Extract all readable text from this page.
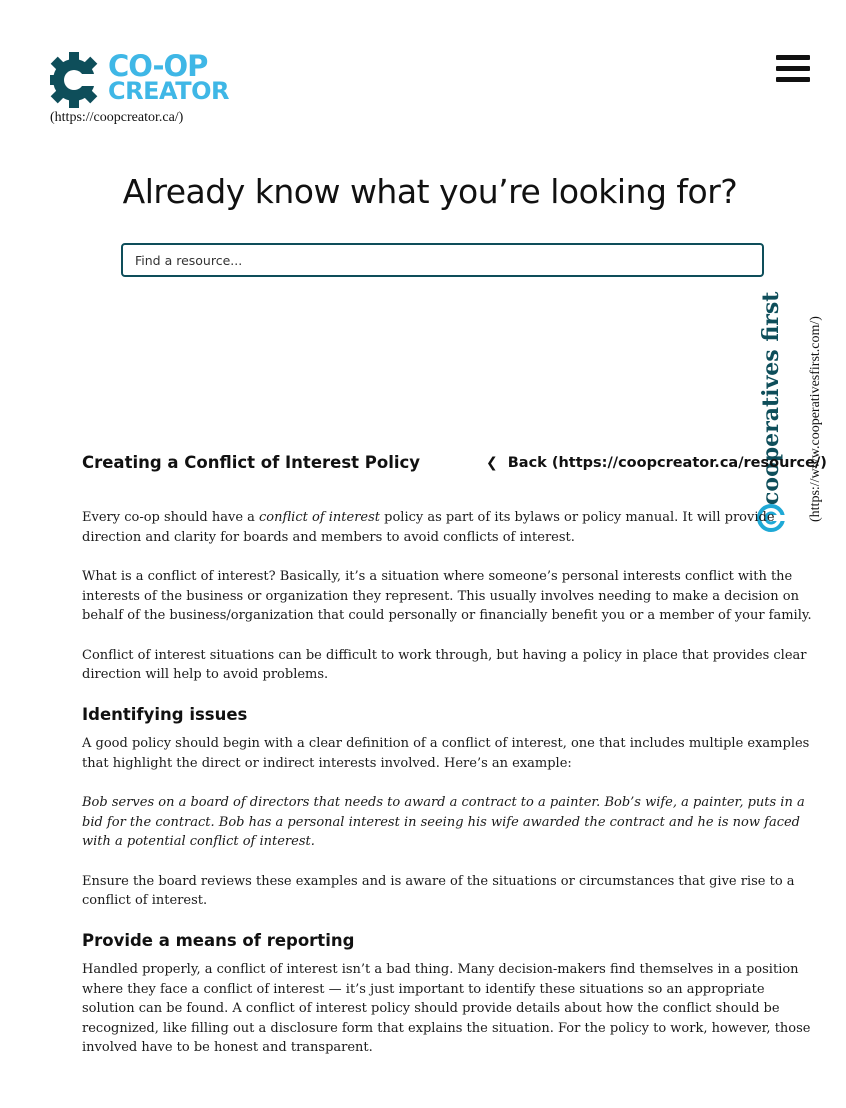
CO-OP
CREATOR
(https://coopcreator.ca/)
Already know what you’re looking for?
Find a resource...
cooperatives first (https://www.cooperativesfirst.com/)
Creating a Conflict of Interest Policy	❮ Back (https://coopcreator.ca/resource/)

Every co-op should have a conflict of interest policy as part of its bylaws or policy manual. It will provide direction and clarity for boards and members to avoid conflicts of interest.

What is a conflict of interest? Basically, it’s a situation where someone’s personal interests conflict with the interests of the business or organization they represent. This usually involves needing to make a decision on behalf of the business/organization that could personally or financially benefit you or a member of your family.

Conflict of interest situations can be difficult to work through, but having a policy in place that provides clear direction will help to avoid problems.

Identifying issues

A good policy should begin with a clear definition of a conflict of interest, one that includes multiple examples that highlight the direct or indirect interests involved. Here’s an example:

Bob serves on a board of directors that needs to award a contract to a painter. Bob’s wife, a painter, puts in a bid for the contract. Bob has a personal interest in seeing his wife awarded the contract and he is now faced with a potential conflict of interest.

Ensure the board reviews these examples and is aware of the situations or circumstances that give rise to a conflict of interest.

Provide a means of reporting

Handled properly, a conflict of interest isn’t a bad thing. Many decision-makers find themselves in a position where they face a conflict of interest — it’s just important to identify these situations so an appropriate solution can be found. A conflict of interest policy should provide details about how the conflict should be recognized, like filling out a disclosure form that explains the situation. For the policy to work, however, those involved have to be honest and transparent.
